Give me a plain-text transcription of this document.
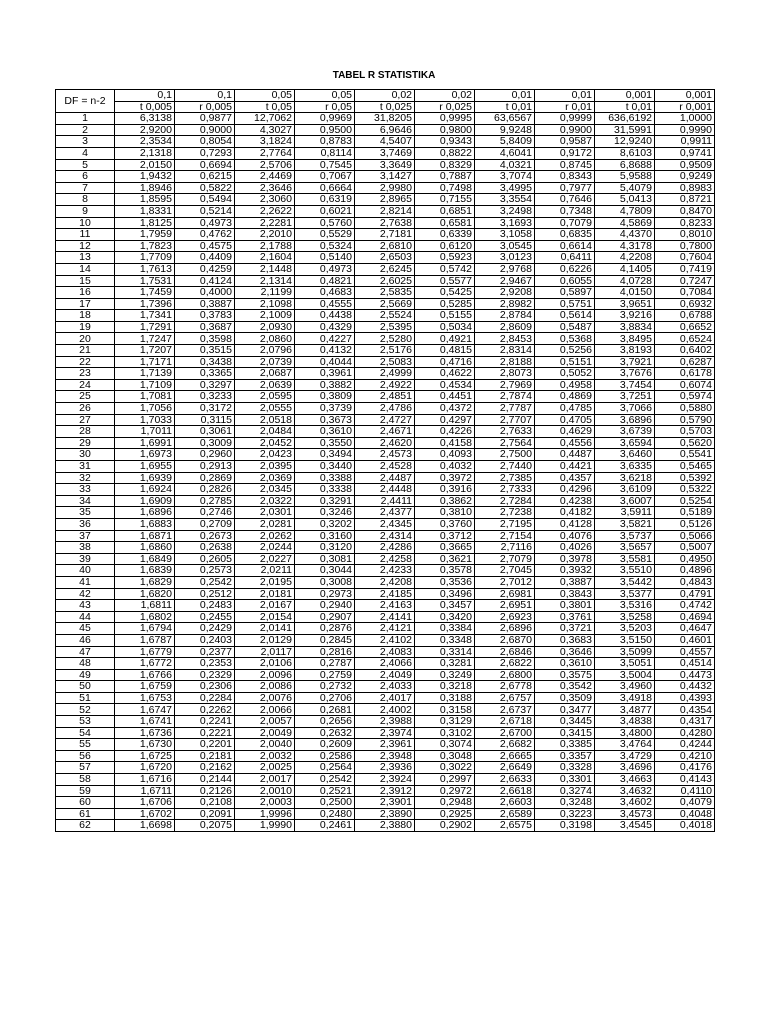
TABEL R STATISTIKA
DF = n-2	0,1	0,1	0,05	0,05	0,02	0,02	0,01	0,01	0,001	0,001
	t 0,005	r 0,005	t 0,05	r 0,05	t 0,025	r 0,025	t 0,01	r 0,01	t 0,01	r 0,001
1	6,3138	0,9877	12,7062	0,9969	31,8205	0,9995	63,6567	0,9999	636,6192	1,0000
2	2,9200	0,9000	4,3027	0,9500	6,9646	0,9800	9,9248	0,9900	31,5991	0,9990
3	2,3534	0,8054	3,1824	0,8783	4,5407	0,9343	5,8409	0,9587	12,9240	0,9911
4	2,1318	0,7293	2,7764	0,8114	3,7469	0,8822	4,6041	0,9172	8,6103	0,9741
5	2,0150	0,6694	2,5706	0,7545	3,3649	0,8329	4,0321	0,8745	6,8688	0,9509
6	1,9432	0,6215	2,4469	0,7067	3,1427	0,7887	3,7074	0,8343	5,9588	0,9249
7	1,8946	0,5822	2,3646	0,6664	2,9980	0,7498	3,4995	0,7977	5,4079	0,8983
8	1,8595	0,5494	2,3060	0,6319	2,8965	0,7155	3,3554	0,7646	5,0413	0,8721
9	1,8331	0,5214	2,2622	0,6021	2,8214	0,6851	3,2498	0,7348	4,7809	0,8470
10	1,8125	0,4973	2,2281	0,5760	2,7638	0,6581	3,1693	0,7079	4,5869	0,8233
11	1,7959	0,4762	2,2010	0,5529	2,7181	0,6339	3,1058	0,6835	4,4370	0,8010
12	1,7823	0,4575	2,1788	0,5324	2,6810	0,6120	3,0545	0,6614	4,3178	0,7800
13	1,7709	0,4409	2,1604	0,5140	2,6503	0,5923	3,0123	0,6411	4,2208	0,7604
14	1,7613	0,4259	2,1448	0,4973	2,6245	0,5742	2,9768	0,6226	4,1405	0,7419
15	1,7531	0,4124	2,1314	0,4821	2,6025	0,5577	2,9467	0,6055	4,0728	0,7247
16	1,7459	0,4000	2,1199	0,4683	2,5835	0,5425	2,9208	0,5897	4,0150	0,7084
17	1,7396	0,3887	2,1098	0,4555	2,5669	0,5285	2,8982	0,5751	3,9651	0,6932
18	1,7341	0,3783	2,1009	0,4438	2,5524	0,5155	2,8784	0,5614	3,9216	0,6788
19	1,7291	0,3687	2,0930	0,4329	2,5395	0,5034	2,8609	0,5487	3,8834	0,6652
20	1,7247	0,3598	2,0860	0,4227	2,5280	0,4921	2,8453	0,5368	3,8495	0,6524
21	1,7207	0,3515	2,0796	0,4132	2,5176	0,4815	2,8314	0,5256	3,8193	0,6402
22	1,7171	0,3438	2,0739	0,4044	2,5083	0,4716	2,8188	0,5151	3,7921	0,6287
23	1,7139	0,3365	2,0687	0,3961	2,4999	0,4622	2,8073	0,5052	3,7676	0,6178
24	1,7109	0,3297	2,0639	0,3882	2,4922	0,4534	2,7969	0,4958	3,7454	0,6074
25	1,7081	0,3233	2,0595	0,3809	2,4851	0,4451	2,7874	0,4869	3,7251	0,5974
26	1,7056	0,3172	2,0555	0,3739	2,4786	0,4372	2,7787	0,4785	3,7066	0,5880
27	1,7033	0,3115	2,0518	0,3673	2,4727	0,4297	2,7707	0,4705	3,6896	0,5790
28	1,7011	0,3061	2,0484	0,3610	2,4671	0,4226	2,7633	0,4629	3,6739	0,5703
29	1,6991	0,3009	2,0452	0,3550	2,4620	0,4158	2,7564	0,4556	3,6594	0,5620
30	1,6973	0,2960	2,0423	0,3494	2,4573	0,4093	2,7500	0,4487	3,6460	0,5541
31	1,6955	0,2913	2,0395	0,3440	2,4528	0,4032	2,7440	0,4421	3,6335	0,5465
32	1,6939	0,2869	2,0369	0,3388	2,4487	0,3972	2,7385	0,4357	3,6218	0,5392
33	1,6924	0,2826	2,0345	0,3338	2,4448	0,3916	2,7333	0,4296	3,6109	0,5322
34	1,6909	0,2785	2,0322	0,3291	2,4411	0,3862	2,7284	0,4238	3,6007	0,5254
35	1,6896	0,2746	2,0301	0,3246	2,4377	0,3810	2,7238	0,4182	3,5911	0,5189
36	1,6883	0,2709	2,0281	0,3202	2,4345	0,3760	2,7195	0,4128	3,5821	0,5126
37	1,6871	0,2673	2,0262	0,3160	2,4314	0,3712	2,7154	0,4076	3,5737	0,5066
38	1,6860	0,2638	2,0244	0,3120	2,4286	0,3665	2,7116	0,4026	3,5657	0,5007
39	1,6849	0,2605	2,0227	0,3081	2,4258	0,3621	2,7079	0,3978	3,5581	0,4950
40	1,6839	0,2573	2,0211	0,3044	2,4233	0,3578	2,7045	0,3932	3,5510	0,4896
41	1,6829	0,2542	2,0195	0,3008	2,4208	0,3536	2,7012	0,3887	3,5442	0,4843
42	1,6820	0,2512	2,0181	0,2973	2,4185	0,3496	2,6981	0,3843	3,5377	0,4791
43	1,6811	0,2483	2,0167	0,2940	2,4163	0,3457	2,6951	0,3801	3,5316	0,4742
44	1,6802	0,2455	2,0154	0,2907	2,4141	0,3420	2,6923	0,3761	3,5258	0,4694
45	1,6794	0,2429	2,0141	0,2876	2,4121	0,3384	2,6896	0,3721	3,5203	0,4647
46	1,6787	0,2403	2,0129	0,2845	2,4102	0,3348	2,6870	0,3683	3,5150	0,4601
47	1,6779	0,2377	2,0117	0,2816	2,4083	0,3314	2,6846	0,3646	3,5099	0,4557
48	1,6772	0,2353	2,0106	0,2787	2,4066	0,3281	2,6822	0,3610	3,5051	0,4514
49	1,6766	0,2329	2,0096	0,2759	2,4049	0,3249	2,6800	0,3575	3,5004	0,4473
50	1,6759	0,2306	2,0086	0,2732	2,4033	0,3218	2,6778	0,3542	3,4960	0,4432
51	1,6753	0,2284	2,0076	0,2706	2,4017	0,3188	2,6757	0,3509	3,4918	0,4393
52	1,6747	0,2262	2,0066	0,2681	2,4002	0,3158	2,6737	0,3477	3,4877	0,4354
53	1,6741	0,2241	2,0057	0,2656	2,3988	0,3129	2,6718	0,3445	3,4838	0,4317
54	1,6736	0,2221	2,0049	0,2632	2,3974	0,3102	2,6700	0,3415	3,4800	0,4280
55	1,6730	0,2201	2,0040	0,2609	2,3961	0,3074	2,6682	0,3385	3,4764	0,4244
56	1,6725	0,2181	2,0032	0,2586	2,3948	0,3048	2,6665	0,3357	3,4729	0,4210
57	1,6720	0,2162	2,0025	0,2564	2,3936	0,3022	2,6649	0,3328	3,4696	0,4176
58	1,6716	0,2144	2,0017	0,2542	2,3924	0,2997	2,6633	0,3301	3,4663	0,4143
59	1,6711	0,2126	2,0010	0,2521	2,3912	0,2972	2,6618	0,3274	3,4632	0,4110
60	1,6706	0,2108	2,0003	0,2500	2,3901	0,2948	2,6603	0,3248	3,4602	0,4079
61	1,6702	0,2091	1,9996	0,2480	2,3890	0,2925	2,6589	0,3223	3,4573	0,4048
62	1,6698	0,2075	1,9990	0,2461	2,3880	0,2902	2,6575	0,3198	3,4545	0,4018
